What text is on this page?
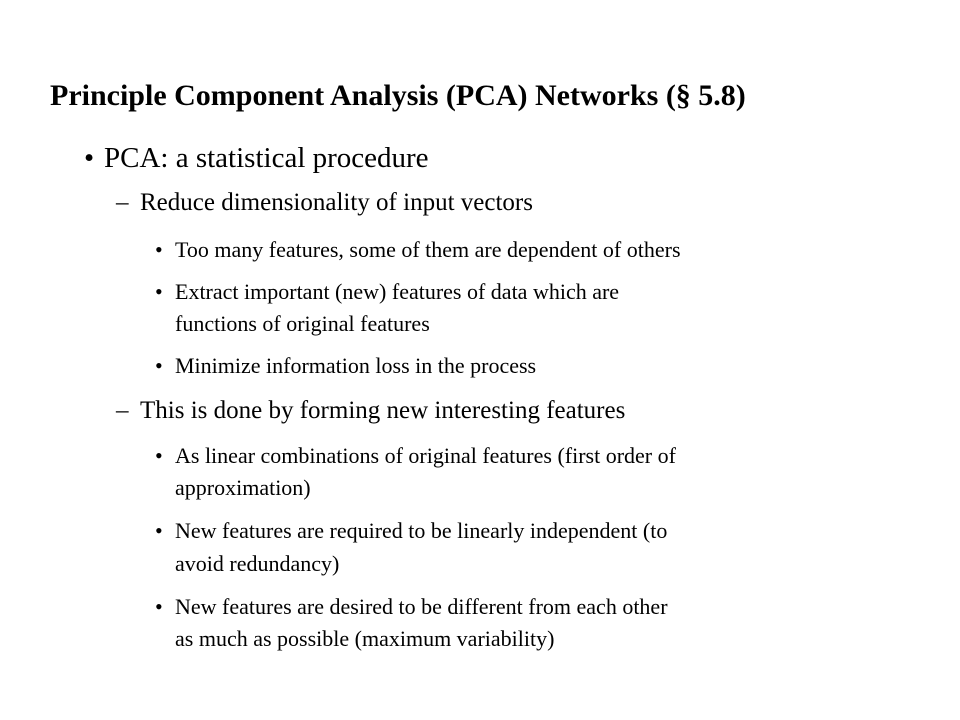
Principle Component Analysis (PCA) Networks (§ 5.8)
• PCA: a statistical procedure
– Reduce dimensionality of input vectors
• Too many features, some of them are dependent of others
• Extract important (new) features of data which are
functions of original features
• Minimize information loss in the process
– This is done by forming new interesting features
• As linear combinations of original features (first order of
approximation)
• New features are required to be linearly independent (to
avoid redundancy)
• New features are desired to be different from each other
as much as possible (maximum variability)
